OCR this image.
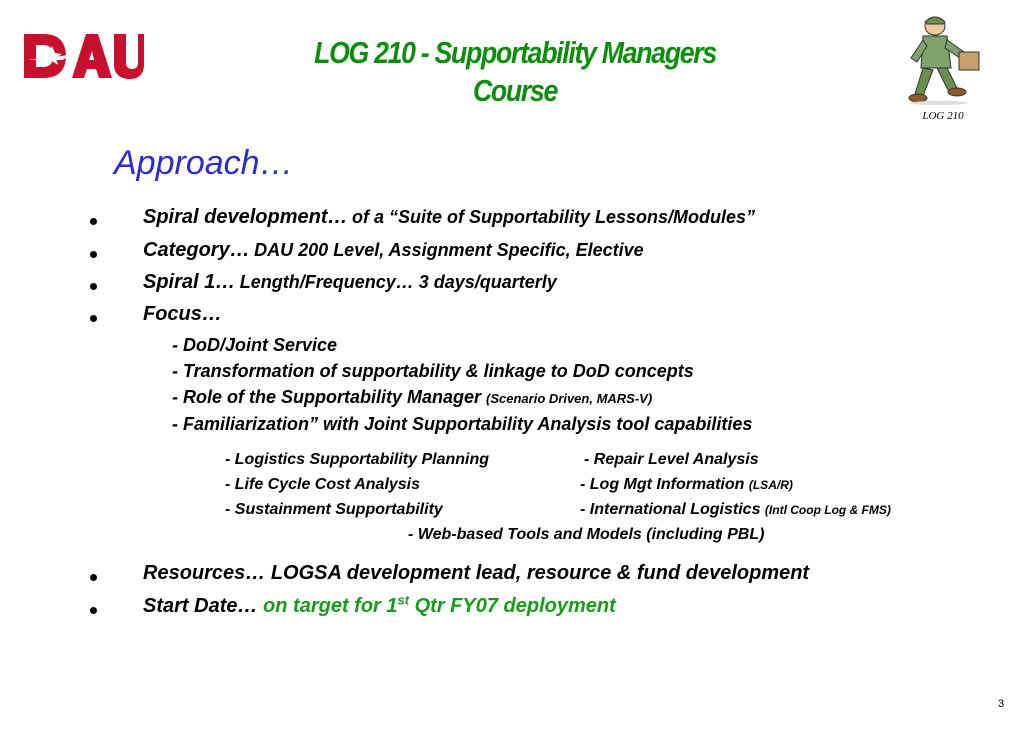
LOG 210 - Supportability Managers
Course
LOG 210
Approach…
Spiral development… of a “Suite of Supportability Lessons/Modules”
Category… DAU 200 Level, Assignment Specific, Elective
Spiral 1… Length/Frequency… 3 days/quarterly
Focus…
- DoD/Joint Service
- Transformation of supportability & linkage to DoD concepts
- Role of the Supportability Manager (Scenario Driven, MARS-V)
- Familiarization” with Joint Supportability Analysis tool capabilities
- Logistics Supportability Planning
- Life Cycle Cost Analysis
- Sustainment Supportability
- Repair Level Analysis
- Log Mgt Information (LSA/R)
- International Logistics (Intl Coop Log & FMS)
- Web-based Tools and Models (including PBL)
Resources… LOGSA development lead, resource & fund development
Start Date… on target for 1st Qtr FY07 deployment
3
